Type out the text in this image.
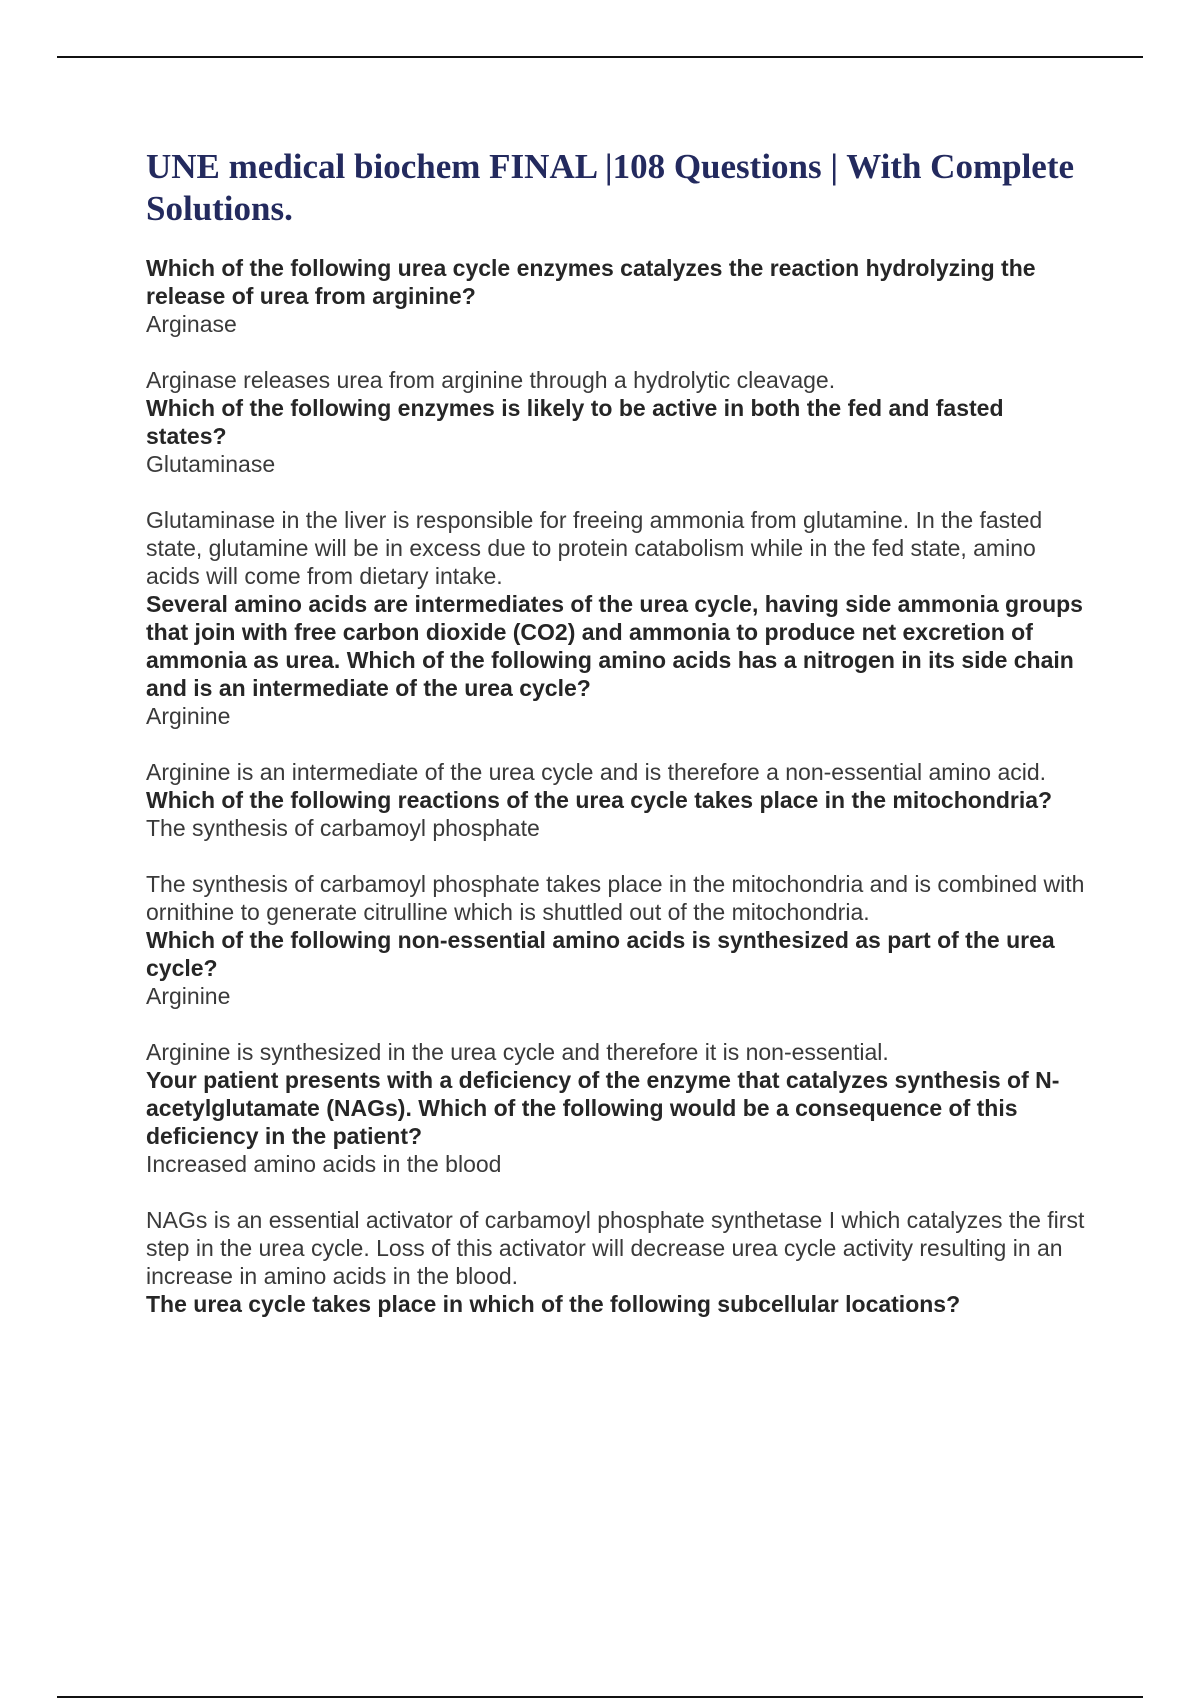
UNE medical biochem FINAL |108 Questions | With Complete Solutions.

Which of the following urea cycle enzymes catalyzes the reaction hydrolyzing the release of urea from arginine?

Arginase

Arginase releases urea from arginine through a hydrolytic cleavage.

Which of the following enzymes is likely to be active in both the fed and fasted states?

Glutaminase

Glutaminase in the liver is responsible for freeing ammonia from glutamine. In the fasted state, glutamine will be in excess due to protein catabolism while in the fed state, amino acids will come from dietary intake.

Several amino acids are intermediates of the urea cycle, having side ammonia groups that join with free carbon dioxide (CO2) and ammonia to produce net excretion of ammonia as urea. Which of the following amino acids has a nitrogen in its side chain and is an intermediate of the urea cycle?

Arginine

Arginine is an intermediate of the urea cycle and is therefore a non-essential amino acid.

Which of the following reactions of the urea cycle takes place in the mitochondria?

The synthesis of carbamoyl phosphate

The synthesis of carbamoyl phosphate takes place in the mitochondria and is combined with ornithine to generate citrulline which is shuttled out of the mitochondria.

Which of the following non-essential amino acids is synthesized as part of the urea cycle?

Arginine

Arginine is synthesized in the urea cycle and therefore it is non-essential.

Your patient presents with a deficiency of the enzyme that catalyzes synthesis of N-acetylglutamate (NAGs). Which of the following would be a consequence of this deficiency in the patient?

Increased amino acids in the blood

NAGs is an essential activator of carbamoyl phosphate synthetase I which catalyzes the first step in the urea cycle. Loss of this activator will decrease urea cycle activity resulting in an increase in amino acids in the blood.

The urea cycle takes place in which of the following subcellular locations?
